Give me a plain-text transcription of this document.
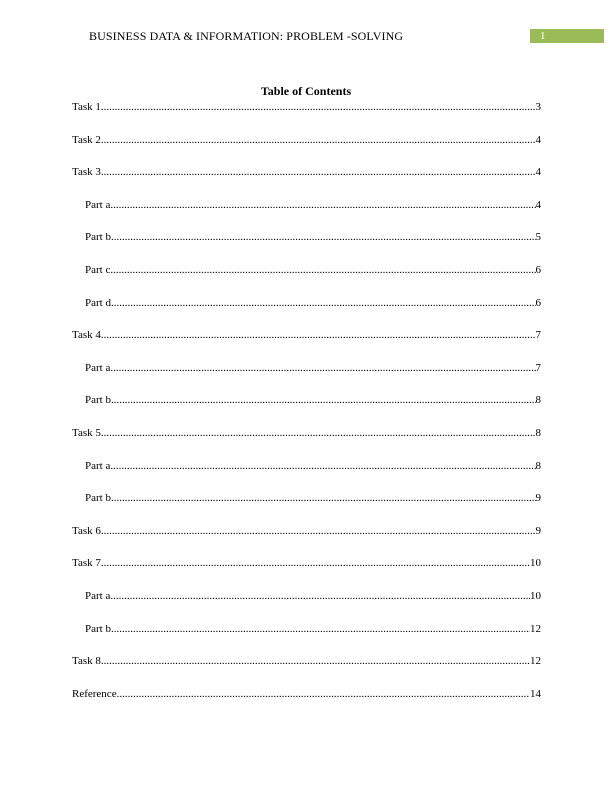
BUSINESS DATA & INFORMATION: PROBLEM -SOLVING	1
Table of Contents
Task 1 .....	3
Task 2 .....	4
Task 3 .....	4
Part a .....	4
Part b .....	5
Part c .....	6
Part d .....	6
Task 4 .....	7
Part a .....	7
Part b .....	8
Task 5 .....	8
Part a .....	8
Part b .....	9
Task 6 .....	9
Task 7 .....	10
Part a .....	10
Part b .....	12
Task 8 .....	12
Reference .....	14
